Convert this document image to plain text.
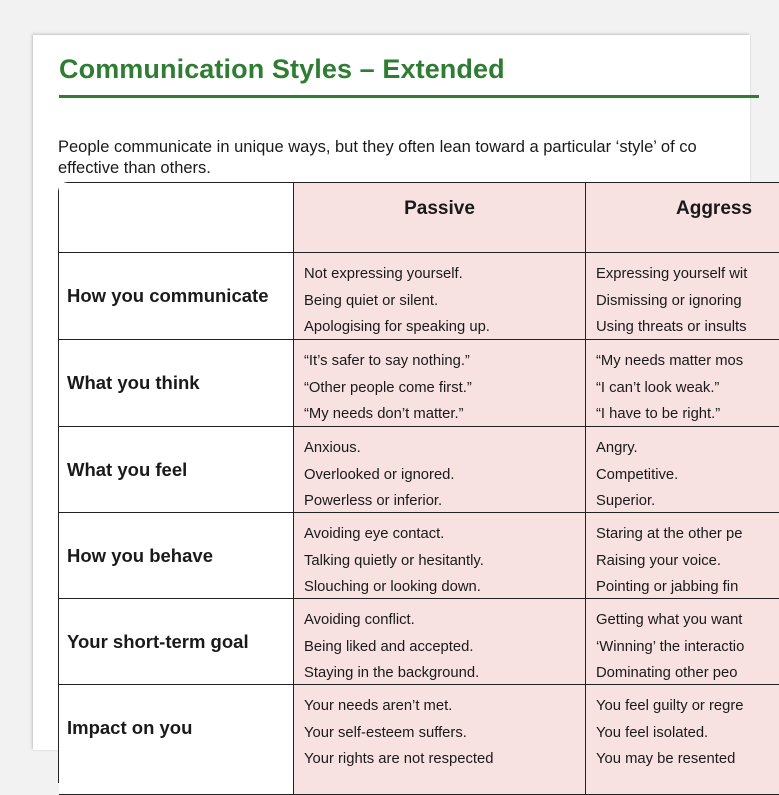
Communication Styles – Extended

People communicate in unique ways, but they often lean toward a particular ‘style’ of co
effective than others.

Passive	Aggress
How you communicate
Not expressing yourself.
Being quiet or silent.
Apologising for speaking up.
Expressing yourself wit
Dismissing or ignoring
Using threats or insults
What you think
“It’s safer to say nothing.”
“Other people come first.”
“My needs don’t matter.”
“My needs matter mos
“I can’t look weak.”
“I have to be right.”
What you feel
Anxious.
Overlooked or ignored.
Powerless or inferior.
Angry.
Competitive.
Superior.
How you behave
Avoiding eye contact.
Talking quietly or hesitantly.
Slouching or looking down.
Staring at the other pe
Raising your voice.
Pointing or jabbing fin
Your short-term goal
Avoiding conflict.
Being liked and accepted.
Staying in the background.
Getting what you want
‘Winning’ the interactio
Dominating other peo
Impact on you
Your needs aren’t met.
Your self-esteem suffers.
Your rights are not respected
You feel guilty or regre
You feel isolated.
You may be resented
